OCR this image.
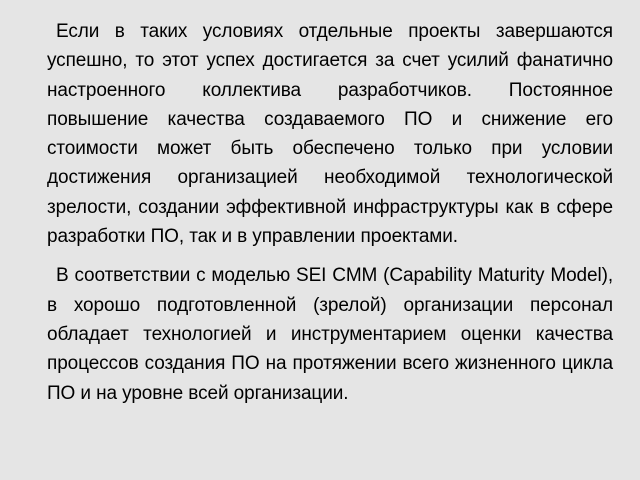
Если в таких условиях отдельные проекты завершаются успешно, то этот успех достигается за счет усилий фанатично настроенного коллектива разработчиков. Постоянное повышение качества создаваемого ПО и снижение его стоимости может быть обеспечено только при условии достижения организацией необходимой технологической зрелости, создании эффективной инфраструктуры как в сфере разработки ПО, так и в управлении проектами.

В соответствии с моделью SEI CMM (Capability Maturity Model), в хорошо подготовленной (зрелой) организации персонал обладает технологией и инструментарием оценки качества процессов создания ПО на протяжении всего жизненного цикла ПО и на уровне всей организации.
